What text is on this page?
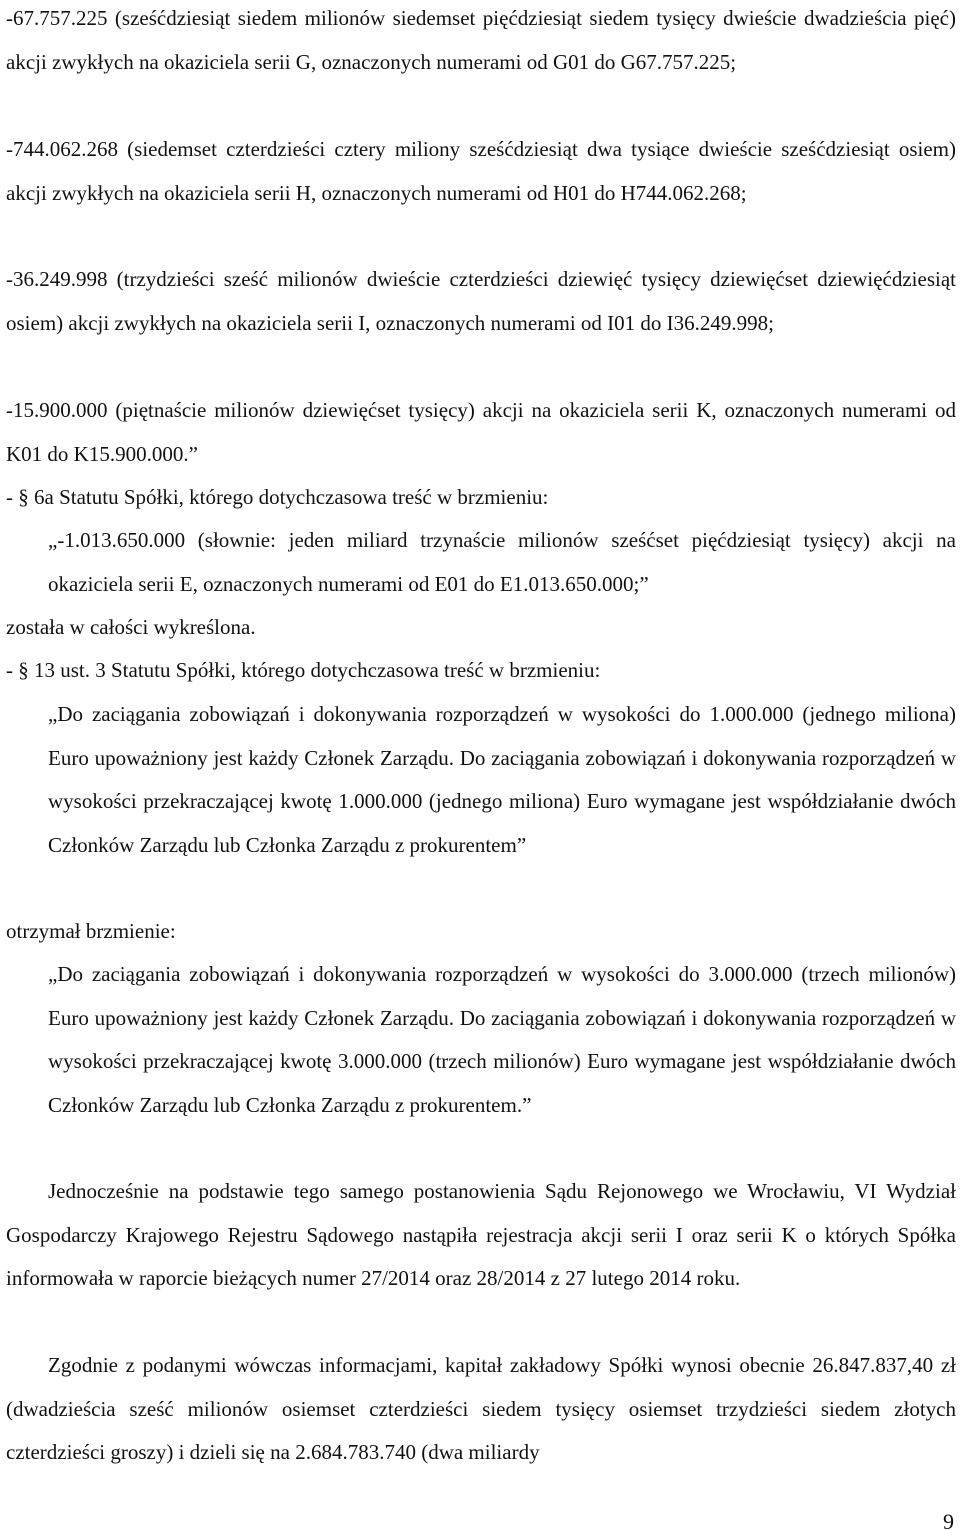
-67.757.225 (sześćdziesiąt siedem milionów siedemset pięćdziesiąt siedem tysięcy dwieście dwadzieścia pięć) akcji zwykłych na okaziciela serii G, oznaczonych numerami od G01 do G67.757.225;

-744.062.268 (siedemset czterdzieści cztery miliony sześćdziesiąt dwa tysiące dwieście sześćdziesiąt osiem) akcji zwykłych na okaziciela serii H, oznaczonych numerami od H01 do H744.062.268;

-36.249.998 (trzydzieści sześć milionów dwieście czterdzieści dziewięć tysięcy dziewięćset dziewięćdziesiąt osiem) akcji zwykłych na okaziciela serii I, oznaczonych numerami od I01 do I36.249.998;

-15.900.000 (piętnaście milionów dziewięćset tysięcy) akcji na okaziciela serii K, oznaczonych numerami od K01 do K15.900.000.”

- § 6a Statutu Spółki, którego dotychczasowa treść w brzmieniu:

„-1.013.650.000 (słownie: jeden miliard trzynaście milionów sześćset pięćdziesiąt tysięcy) akcji na okaziciela serii E, oznaczonych numerami od E01 do E1.013.650.000;”

została w całości wykreślona.

- § 13 ust. 3 Statutu Spółki, którego dotychczasowa treść w brzmieniu:

„Do zaciągania zobowiązań i dokonywania rozporządzeń w wysokości do 1.000.000 (jednego miliona) Euro upoważniony jest każdy Członek Zarządu. Do zaciągania zobowiązań i dokonywania rozporządzeń w wysokości przekraczającej kwotę 1.000.000 (jednego miliona) Euro wymagane jest współdziałanie dwóch Członków Zarządu lub Członka Zarządu z prokurentem”

otrzymał brzmienie:

„Do zaciągania zobowiązań i dokonywania rozporządzeń w wysokości do 3.000.000 (trzech milionów) Euro upoważniony jest każdy Członek Zarządu. Do zaciągania zobowiązań i dokonywania rozporządzeń w wysokości przekraczającej kwotę 3.000.000 (trzech milionów) Euro wymagane jest współdziałanie dwóch Członków Zarządu lub Członka Zarządu z prokurentem.”

Jednocześnie na podstawie tego samego postanowienia Sądu Rejonowego we Wrocławiu, VI Wydział Gospodarczy Krajowego Rejestru Sądowego nastąpiła rejestracja akcji serii I oraz serii K o których Spółka informowała w raporcie bieżących numer 27/2014 oraz 28/2014 z 27 lutego 2014 roku.

Zgodnie z podanymi wówczas informacjami, kapitał zakładowy Spółki wynosi obecnie 26.847.837,40 zł (dwadzieścia sześć milionów osiemset czterdzieści siedem tysięcy osiemset trzydzieści siedem złotych czterdzieści groszy) i dzieli się na 2.684.783.740 (dwa miliardy

9
